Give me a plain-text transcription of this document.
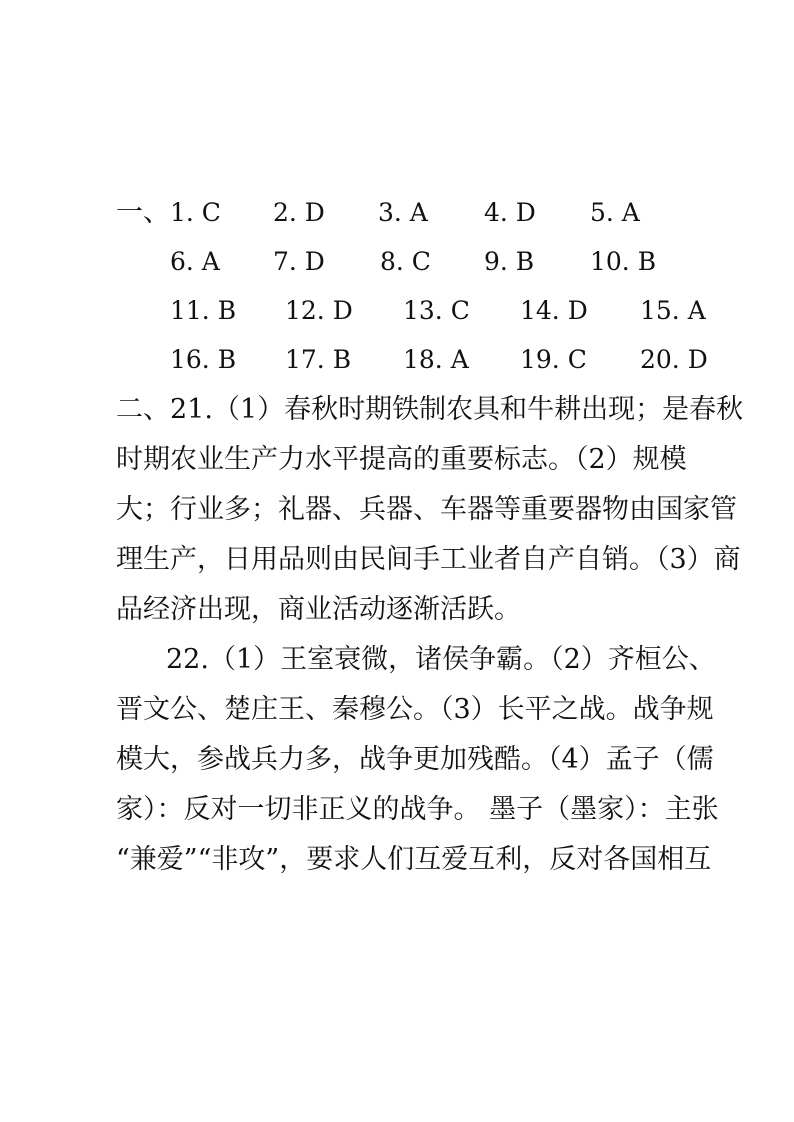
一、 1. C 2. D 3. A 4. D 5. A
6. A 7. D 8. C 9. B 10. B
11. B 12. D 13. C 14. D 15. A
16. B 17. B 18. A 19. C 20. D
二、21.（1）春秋时期铁制农具和牛耕出现；是春秋
时期农业生产力水平提高的重要标志。（2）规模
大；行业多；礼器、兵器、车器等重要器物由国家管
理生产，日用品则由民间手工业者自产自销。（3）商
品经济出现，商业活动逐渐活跃。
22.（1）王室衰微，诸侯争霸。（2）齐桓公、
晋文公、楚庄王、秦穆公。（3）长平之战。战争规
模大，参战兵力多，战争更加残酷。（4）孟子（儒
家）：反对一切非正义的战争。 墨子（墨家）：主张
“兼爱”“非攻”，要求人们互爱互利，反对各国相互
